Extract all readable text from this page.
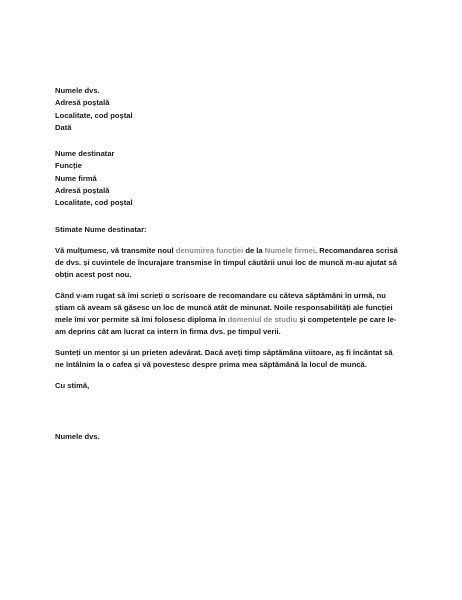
Numele dvs.
Adresă poștală
Localitate, cod poștal
Dată
Nume destinatar
Funcție
Nume firmă
Adresă poștală
Localitate, cod poștal
Stimate Nume destinatar:

Vă mulțumesc, vă transmite noul denumirea funcției de la Numele firmei. Recomandarea scrisă
de dvs. și cuvintele de încurajare transmise în timpul căutării unui loc de muncă m-au ajutat să
obțin acest post nou.

Când v-am rugat să îmi scrieți o scrisoare de recomandare cu câteva săptămâni în urmă, nu
știam că aveam să găsesc un loc de muncă atât de minunat. Noile responsabilități ale funcției
mele îmi vor permite să îmi folosesc diploma în domeniul de studiu și competențele pe care le-
am deprins cât am lucrat ca intern în firma dvs. pe timpul verii.

Sunteți un mentor și un prieten adevărat. Dacă aveți timp săptămâna viitoare, aș fi încântat să
ne întâlnim la o cafea și vă povestesc despre prima mea săptămână la locul de muncă.

Cu stimă,
Numele dvs.
